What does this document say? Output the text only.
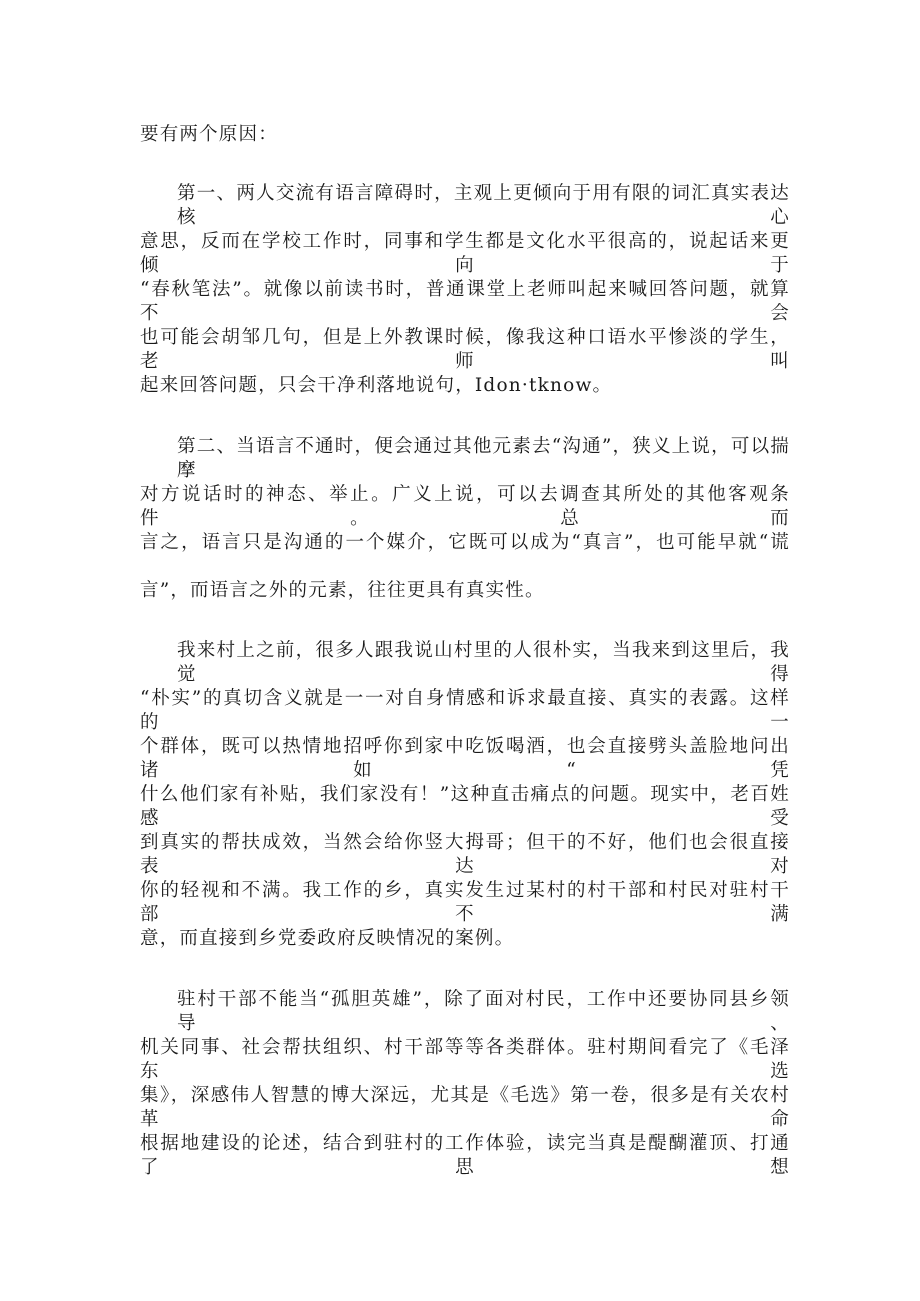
要有两个原因：
第一、两人交流有语言障碍时，主观上更倾向于用有限的词汇真实表达核心
意思，反而在学校工作时，同事和学生都是文化水平很高的，说起话来更倾向于
“春秋笔法”。就像以前读书时，普通课堂上老师叫起来喊回答问题，就算不会
也可能会胡邹几句，但是上外教课时候，像我这种口语水平惨淡的学生，老师叫
起来回答问题，只会干净利落地说句，Idon·tknow。
第二、当语言不通时，便会通过其他元素去“沟通”，狭义上说，可以揣摩
对方说话时的神态、举止。广义上说，可以去调查其所处的其他客观条件。总而
言之，语言只是沟通的一个媒介，它既可以成为“真言”，也可能早就“谎
言”，而语言之外的元素，往往更具有真实性。
我来村上之前，很多人跟我说山村里的人很朴实，当我来到这里后，我觉得
“朴实”的真切含义就是一一对自身情感和诉求最直接、真实的表露。这样的一
个群体，既可以热情地招呼你到家中吃饭喝酒，也会直接劈头盖脸地问出诸如“凭
什么他们家有补贴，我们家没有！”这种直击痛点的问题。现实中，老百姓感受
到真实的帮扶成效，当然会给你竖大拇哥；但干的不好，他们也会很直接表达对
你的轻视和不满。我工作的乡，真实发生过某村的村干部和村民对驻村干部不满
意，而直接到乡党委政府反映情况的案例。
驻村干部不能当“孤胆英雄”，除了面对村民，工作中还要协同县乡领导、
机关同事、社会帮扶组织、村干部等等各类群体。驻村期间看完了《毛泽东选
集》，深感伟人智慧的博大深远，尤其是《毛选》第一卷，很多是有关农村革命
根据地建设的论述，结合到驻村的工作体验，读完当真是醍醐灌顶、打通了思想
